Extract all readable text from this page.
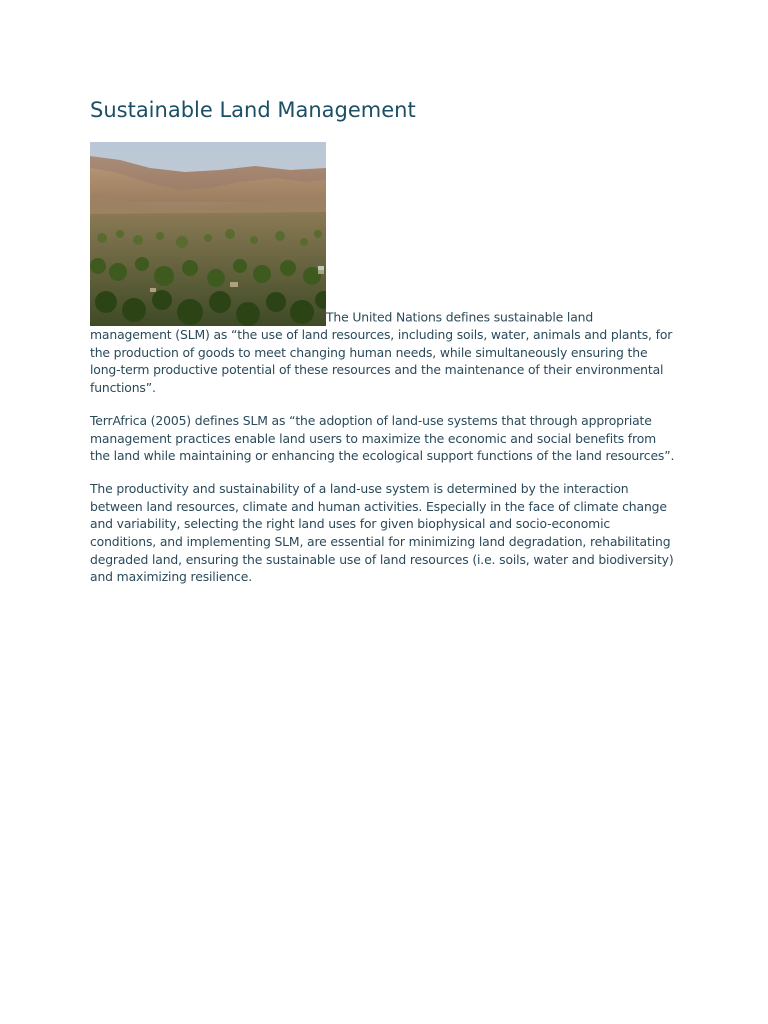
Sustainable Land Management

The United Nations defines sustainable land management (SLM) as “the use of land resources, including soils, water, animals and plants, for the production of goods to meet changing human needs, while simultaneously ensuring the long-term productive potential of these resources and the maintenance of their environmental functions”.

TerrAfrica (2005) defines SLM as “the adoption of land-use systems that through appropriate management practices enable land users to maximize the economic and social benefits from the land while maintaining or enhancing the ecological support functions of the land resources”.

The productivity and sustainability of a land-use system is determined by the interaction between land resources, climate and human activities. Especially in the face of climate change and variability, selecting the right land uses for given biophysical and socio-economic conditions, and implementing SLM, are essential for minimizing land degradation, rehabilitating degraded land, ensuring the sustainable use of land resources (i.e. soils, water and biodiversity) and maximizing resilience.
